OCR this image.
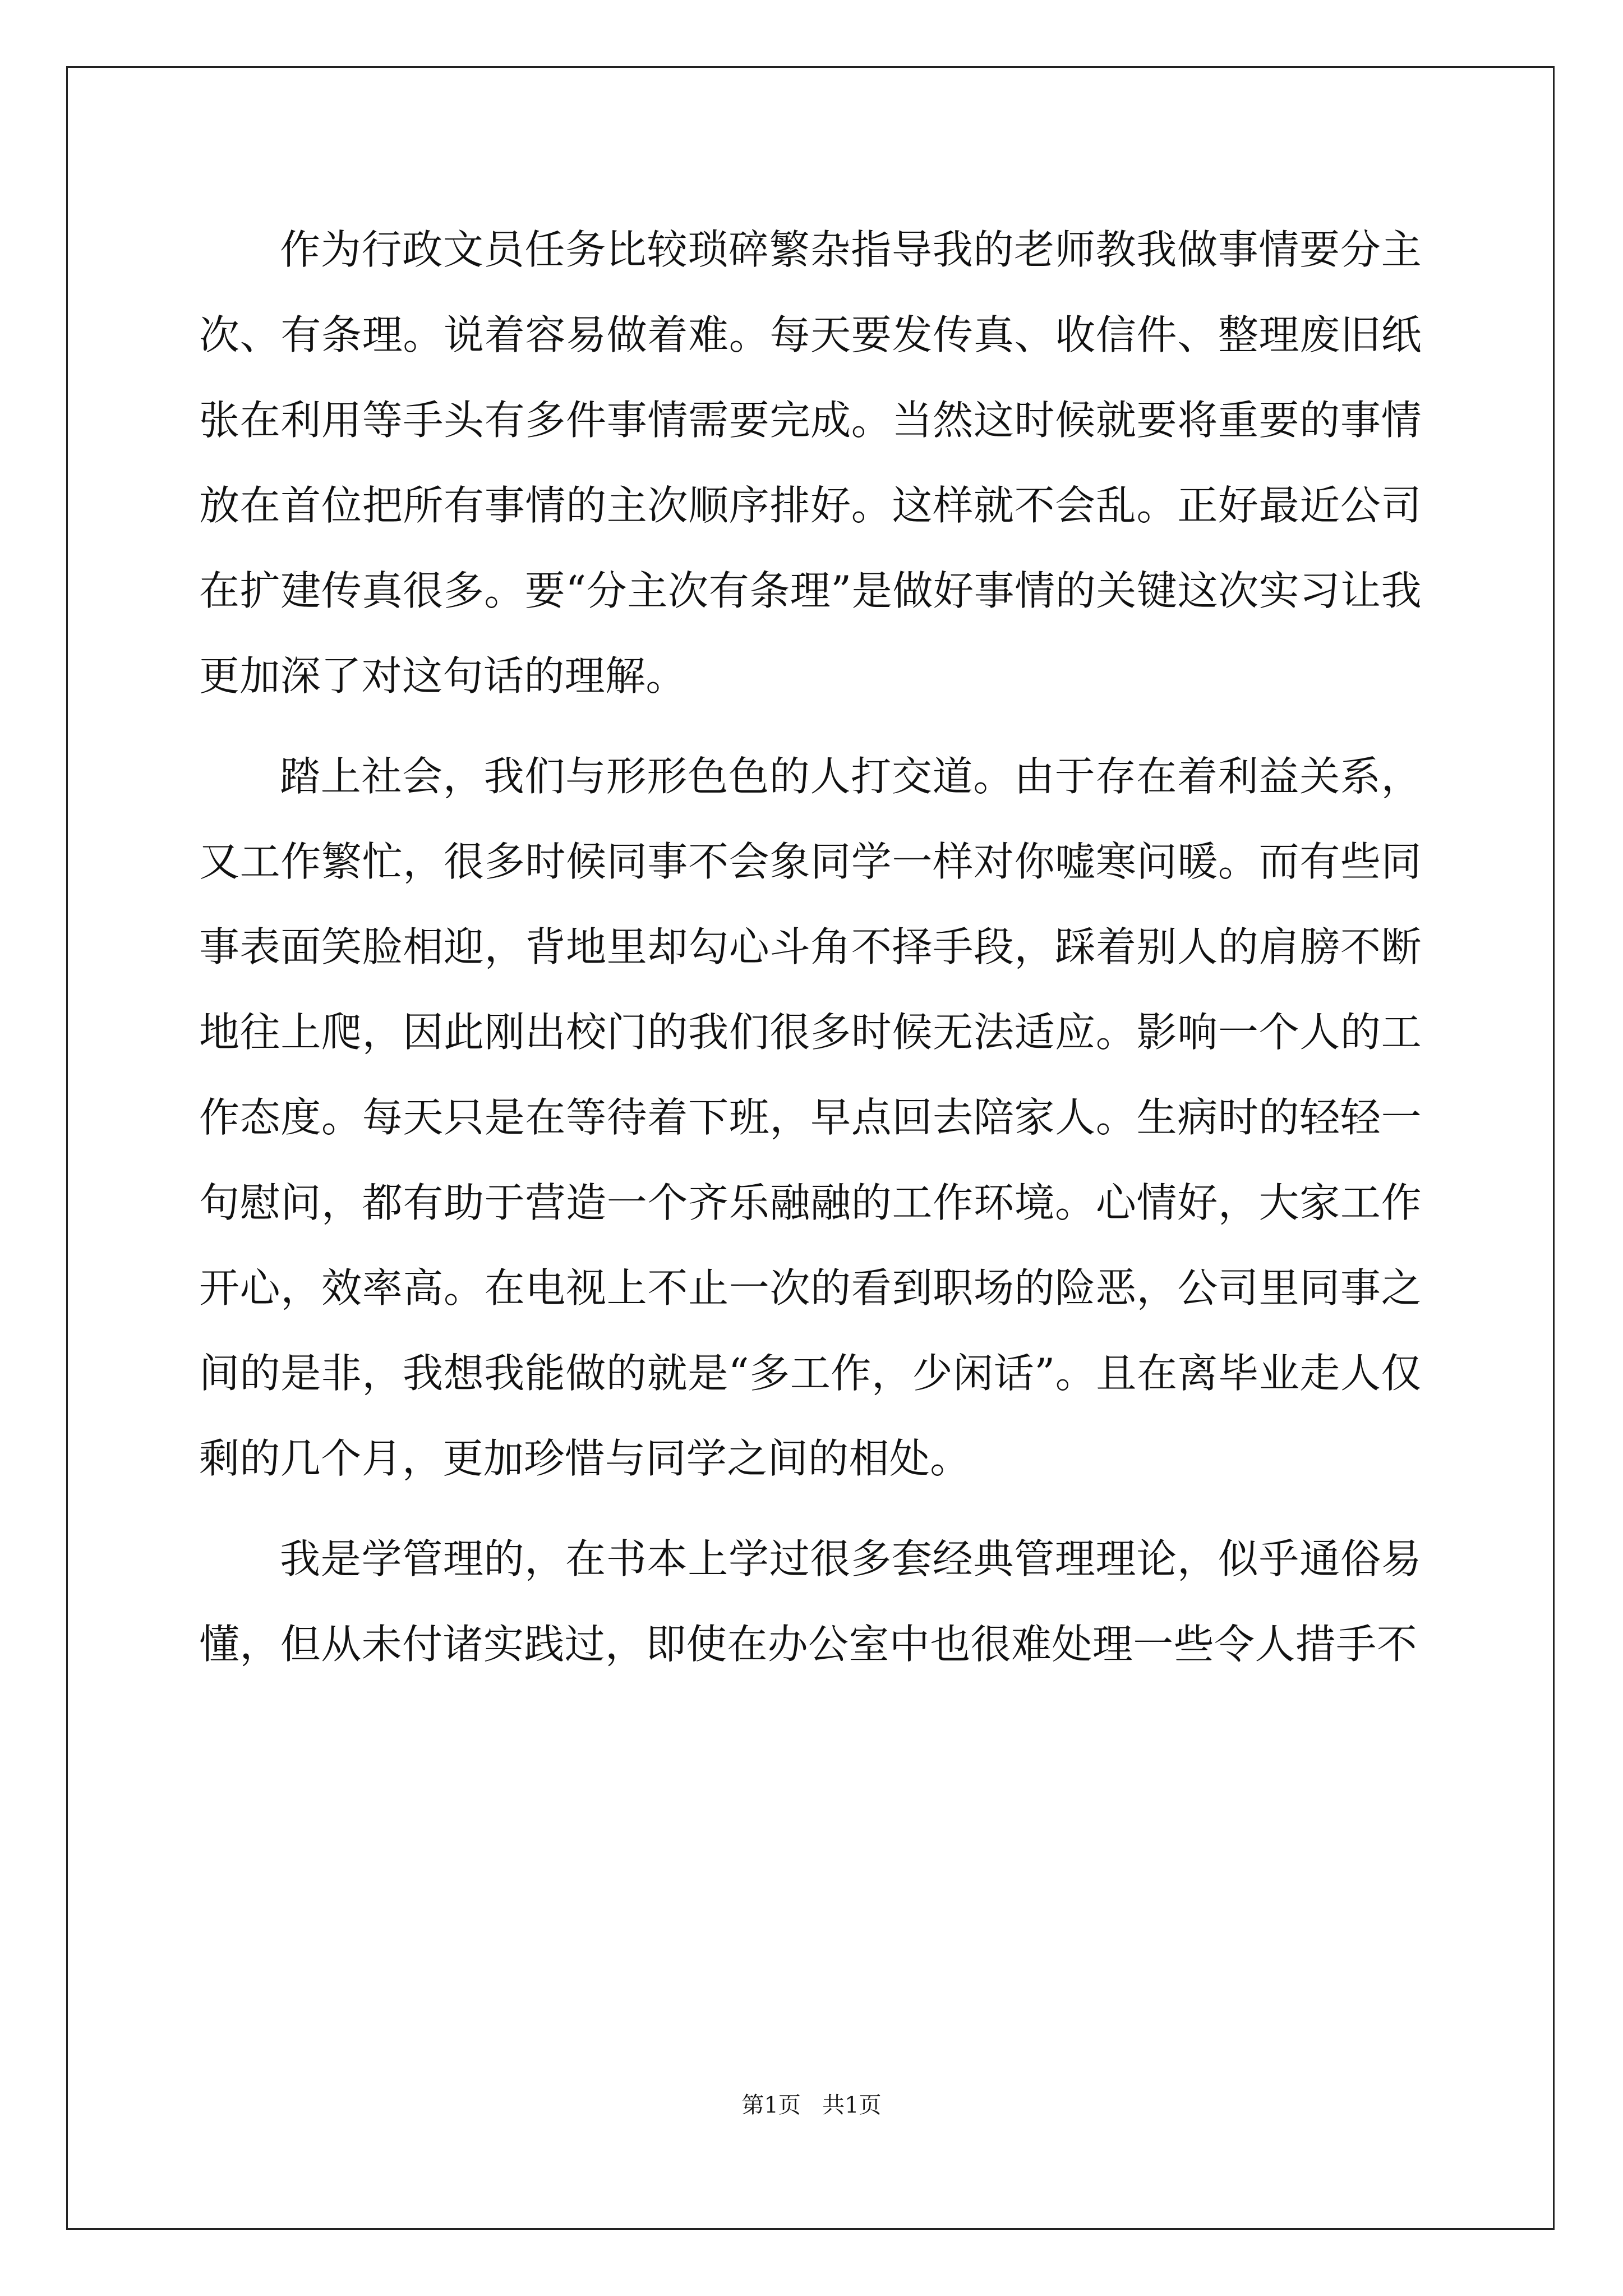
作为行政文员任务比较琐碎繁杂指导我的老师教我做事情要分主次、有条理。说着容易做着难。每天要发传真、收信件、整理废旧纸张在利用等手头有多件事情需要完成。当然这时候就要将重要的事情放在首位把所有事情的主次顺序排好。这样就不会乱。正好最近公司在扩建传真很多。要“分主次有条理”是做好事情的关键这次实习让我更加深了对这句话的理解。

踏上社会，我们与形形色色的人打交道。由于存在着利益关系，又工作繁忙，很多时候同事不会象同学一样对你嘘寒问暖。而有些同事表面笑脸相迎，背地里却勾心斗角不择手段，踩着别人的肩膀不断地往上爬，因此刚出校门的我们很多时候无法适应。影响一个人的工作态度。每天只是在等待着下班，早点回去陪家人。生病时的轻轻一句慰问，都有助于营造一个齐乐融融的工作环境。心情好，大家工作开心，效率高。在电视上不止一次的看到职场的险恶，公司里同事之间的是非，我想我能做的就是“多工作，少闲话”。且在离毕业走人仅剩的几个月，更加珍惜与同学之间的相处。

我是学管理的，在书本上学过很多套经典管理理论，似乎通俗易懂，但从未付诸实践过，即使在办公室中也很难处理一些令人措手不

第1页 共1页
